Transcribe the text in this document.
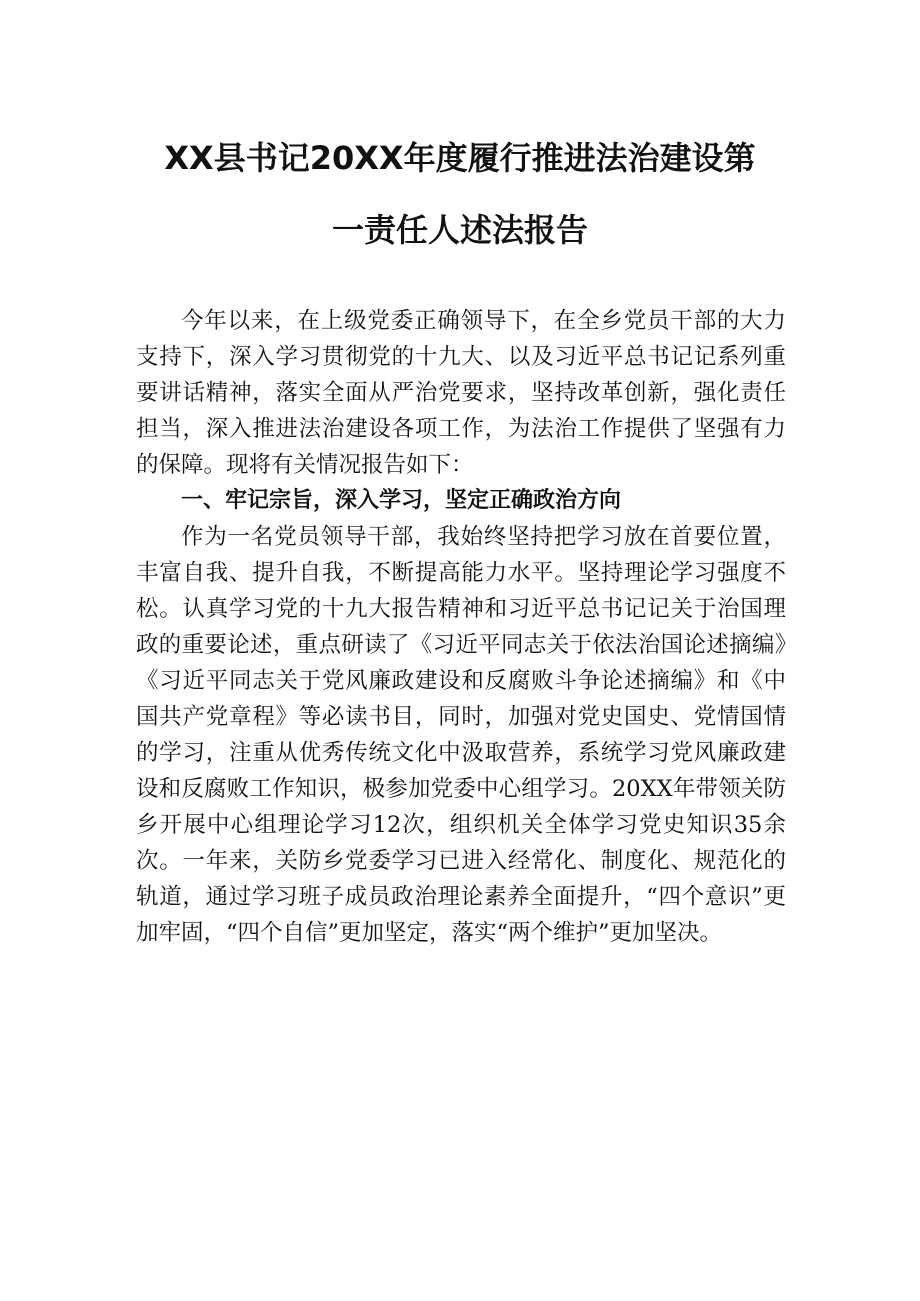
XX县书记20XX年度履行推进法治建设第
一责任人述法报告

今年以来，在上级党委正确领导下，在全乡党员干部的大力支持下，深入学习贯彻党的十九大、以及习近平总书记记系列重要讲话精神，落实全面从严治党要求，坚持改革创新，强化责任担当，深入推进法治建设各项工作，为法治工作提供了坚强有力的保障。现将有关情况报告如下：

一、牢记宗旨，深入学习，坚定正确政治方向

作为一名党员领导干部，我始终坚持把学习放在首要位置，丰富自我、提升自我，不断提高能力水平。坚持理论学习强度不松。认真学习党的十九大报告精神和习近平总书记记关于治国理政的重要论述，重点研读了《习近平同志关于依法治国论述摘编》《习近平同志关于党风廉政建设和反腐败斗争论述摘编》和《中国共产党章程》等必读书目，同时，加强对党史国史、党情国情的学习，注重从优秀传统文化中汲取营养，系统学习党风廉政建设和反腐败工作知识，极参加党委中心组学习。20XX年带领关防乡开展中心组理论学习12次，组织机关全体学习党史知识35余次。一年来，关防乡党委学习已进入经常化、制度化、规范化的轨道，通过学习班子成员政治理论素养全面提升，“四个意识”更加牢固，“四个自信”更加坚定，落实“两个维护”更加坚决。
